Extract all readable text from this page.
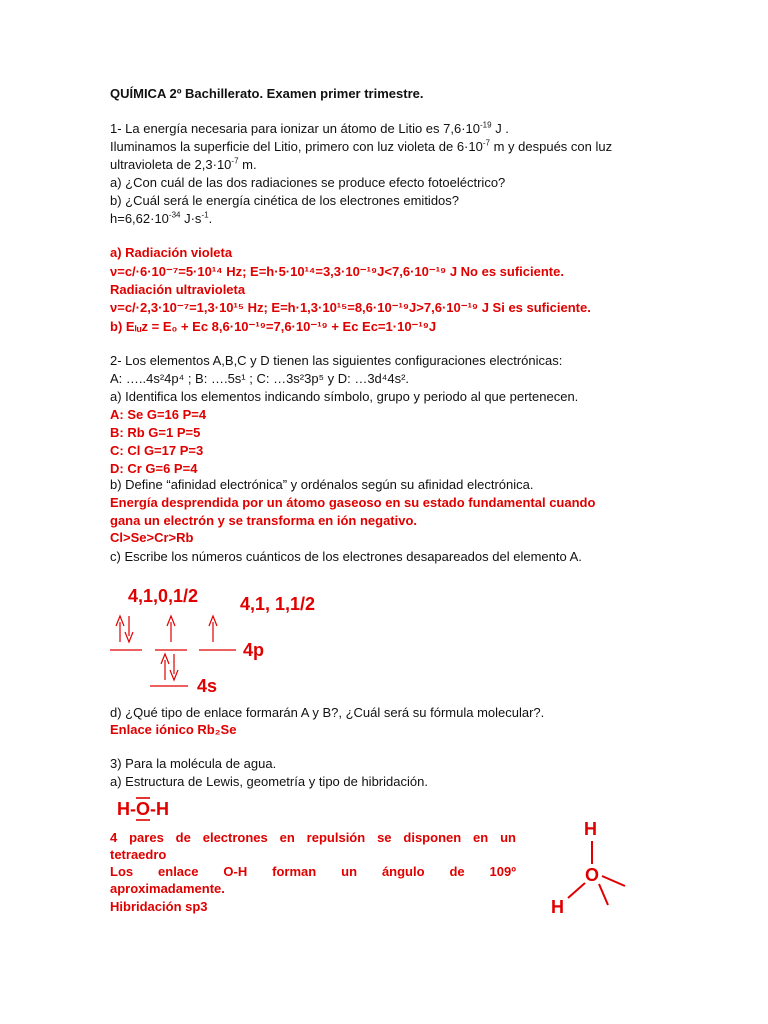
QUÍMICA 2º Bachillerato. Examen primer trimestre.
1- La energía necesaria para ionizar un átomo de Litio es $7,6\cdot 10^{-19}$ J .
Iluminamos la superficie del Litio, primero con luz violeta de $6\cdot 10^{-7}$ m y después con luz
ultravioleta de $2,3\cdot 10^{-7}$ m.
a) ¿Con cuál de las dos radiaciones se produce efecto fotoeléctrico?
b) ¿Cuál será le energía cinética de los electrones emitidos?
$h=6,62\cdot 10^{-34}$ $J\cdot s^{-1}$.
a) Radiación violeta
ν=c/·6·10⁻⁷=5·10¹⁴ Hz; E=h·5·10¹⁴=3,3·10⁻¹⁹J<7,6·10⁻¹⁹ J No es suficiente.
Radiación ultravioleta
ν=c/·2,3·10⁻⁷=1,3·10¹⁵ Hz; E=h·1,3·10¹⁵=8,6·10⁻¹⁹J>7,6·10⁻¹⁹ J Si es suficiente.
b) Eₗᵤz = E₀ + Ec 8,6·10⁻¹⁹=7,6·10⁻¹⁹ + Ec Ec=1·10⁻¹⁹J
2- Los elementos A,B,C y D tienen las siguientes configuraciones electrónicas:
A: …..4s²4p⁴ ; B: ….5s¹ ; C: …3s²3p⁵ y D: …3d⁴4s².
a) Identifica los elementos indicando símbolo, grupo y periodo al que pertenecen.
A: Se G=16 P=4
B: Rb G=1 P=5
C: Cl G=17 P=3
D: Cr G=6 P=4
b) Define “afinidad electrónica” y ordénalos según su afinidad electrónica.
Energía desprendida por un átomo gaseoso en su estado fundamental cuando
gana un electrón y se transforma en ión negativo.
Cl>Se>Cr>Rb
c) Escribe los números cuánticos de los electrones desapareados del elemento A.
4,1,0,1/2 4,1, 1,1/2
4p
4s
d) ¿Qué tipo de enlace formarán A y B?, ¿Cuál será su fórmula molecular?.
Enlace iónico Rb₂Se
3) Para la molécula de agua.
a) Estructura de Lewis, geometría y tipo de hibridación.
H-O-H
4 pares de electrones en repulsión se disponen en un
tetraedro
Los enlace O-H forman un ángulo de 109º
aproximadamente.
Hibridación sp3
H
O
H
